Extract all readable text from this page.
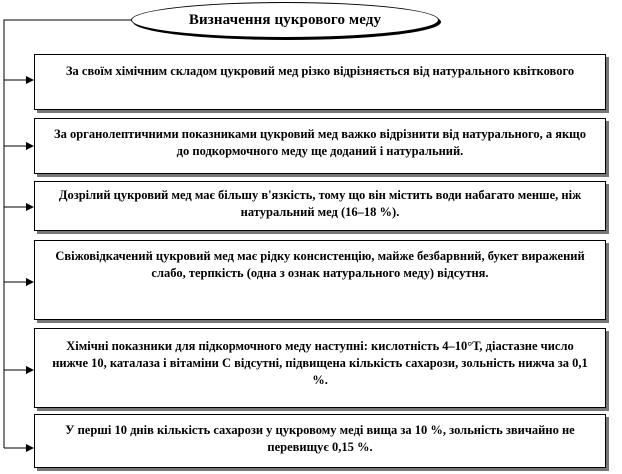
Визначення цукрового меду
За своїм хімічним складом цукровий мед різко відрізняється від натурального квіткового
За органолептичними показниками цукровий мед важко відрізнити від натурального, а якщо до подкормочного меду ще доданий і натуральний.
Дозрілий цукровий мед має більшу в'язкість, тому що він містить води набагато менше, ніж натуральний мед (16–18 %).
Свіжовідкачений цукровий мед має рідку консистенцію, майже безбарвний, букет виражений слабо, терпкість (одна з ознак натурального меду) відсутня.
Хімічні показники для підкормочного меду наступні: кислотність 4–10°Т, діастазне число нижче 10, каталаза і вітаміни С відсутні, підвищена кількість сахарози, зольність нижча за 0,1 %.
У перші 10 днів кількість сахарози у цукровому меді вища за 10 %, зольність звичайно не перевищує 0,15 %.
